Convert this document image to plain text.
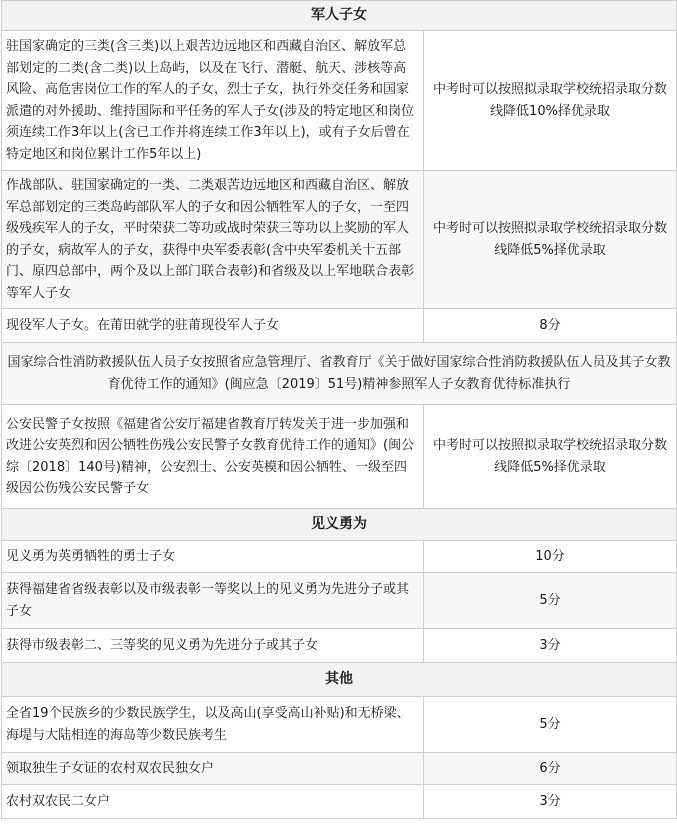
军人子女	
驻国家确定的三类(含三类)以上艰苦边远地区和西藏自治区、解放军总部划定的二类(含二类)以上岛屿，以及在飞行、潜艇、航天、涉核等高风险、高危害岗位工作的军人的子女，烈士子女，执行外交任务和国家派遣的对外援助、维持国际和平任务的军人子女(涉及的特定地区和岗位须连续工作3年以上(含已工作并将连续工作3年以上)，或有子女后曾在特定地区和岗位累计工作5年以上)	中考时可以按照拟录取学校统招录取分数线降低10%择优录取
作战部队、驻国家确定的一类、二类艰苦边远地区和西藏自治区、解放军总部划定的三类岛屿部队军人的子女和因公牺牲军人的子女，一至四级残疾军人的子女，平时荣获二等功或战时荣获三等功以上奖励的军人的子女，病故军人的子女，获得中央军委表彰(含中央军委机关十五部门、原四总部中，两个及以上部门联合表彰)和省级及以上军地联合表彰等军人子女	中考时可以按照拟录取学校统招录取分数线降低5%择优录取
现役军人子女。在莆田就学的驻莆现役军人子女	8分
国家综合性消防救援队伍人员子女按照省应急管理厅、省教育厅《关于做好国家综合性消防救援队伍人员及其子女教育优待工作的通知》(闽应急〔2019〕51号)精神参照军人子女教育优待标准执行	
公安民警子女按照《福建省公安厅福建省教育厅转发关于进一步加强和改进公安英烈和因公牺牲伤残公安民警子女教育优待工作的通知》(闽公综〔2018〕140号)精神，公安烈士、公安英模和因公牺牲、一级至四级因公伤残公安民警子女	中考时可以按照拟录取学校统招录取分数线降低5%择优录取
见义勇为	
见义勇为英勇牺牲的勇士子女	10分
获得福建省省级表彰以及市级表彰一等奖以上的见义勇为先进分子或其子女	5分
获得市级表彰二、三等奖的见义勇为先进分子或其子女	3分
其他	
全省19个民族乡的少数民族学生，以及高山(享受高山补贴)和无桥梁、海堤与大陆相连的海岛等少数民族考生	5分
领取独生子女证的农村双农民独女户	6分
农村双农民二女户	3分
